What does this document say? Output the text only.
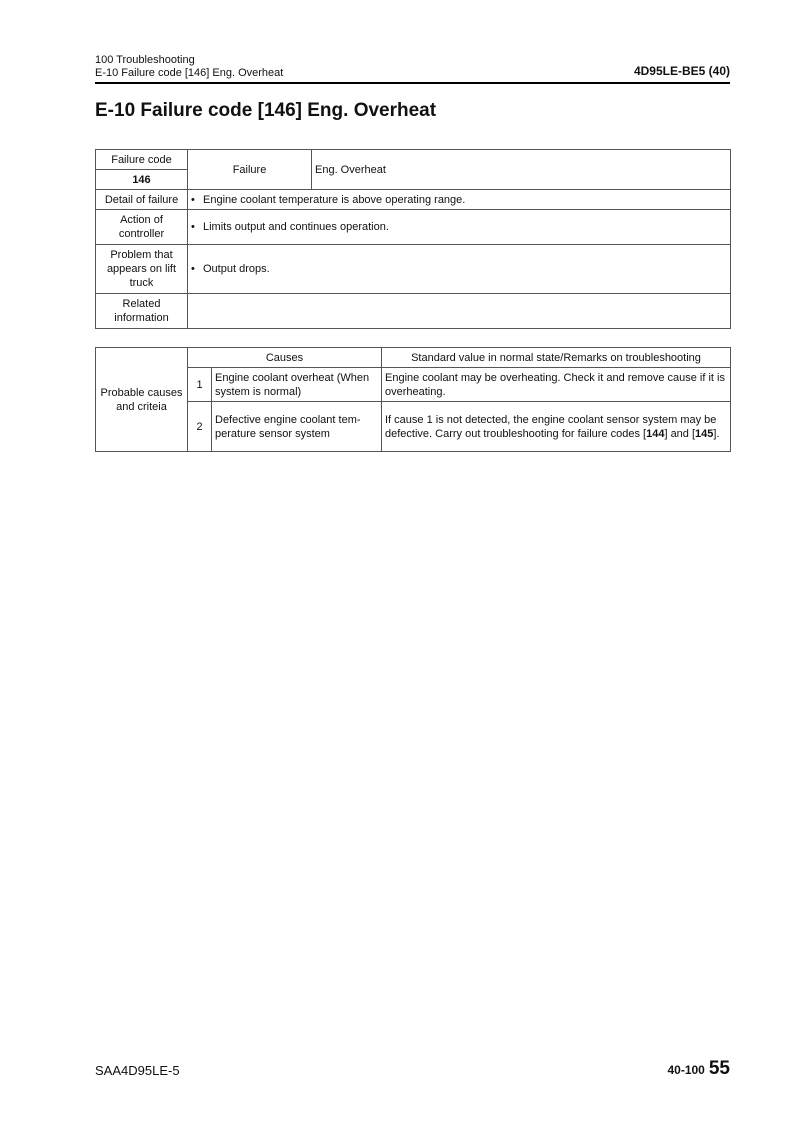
100 Troubleshooting
E-10 Failure code [146] Eng. Overheat	4D95LE-BE5 (40)
E-10 Failure code [146] Eng. Overheat
Failure code	Failure	Eng. Overheat
146		
Detail of failure	• Engine coolant temperature is above operating range.	
Action of controller	• Limits output and continues operation.	
Problem that appears on lift truck	• Output drops.	
Related information		
Probable causes and criteia	Causes		Standard value in normal state/Remarks on troubleshooting
	1	Engine coolant overheat (When system is normal)	Engine coolant may be overheating. Check it and remove cause if it is overheating.
	2	Defective engine coolant tem-perature sensor system	If cause 1 is not detected, the engine coolant sensor system may be defective. Carry out troubleshooting for failure codes [144] and [145].
SAA4D95LE-5	40-100 55
